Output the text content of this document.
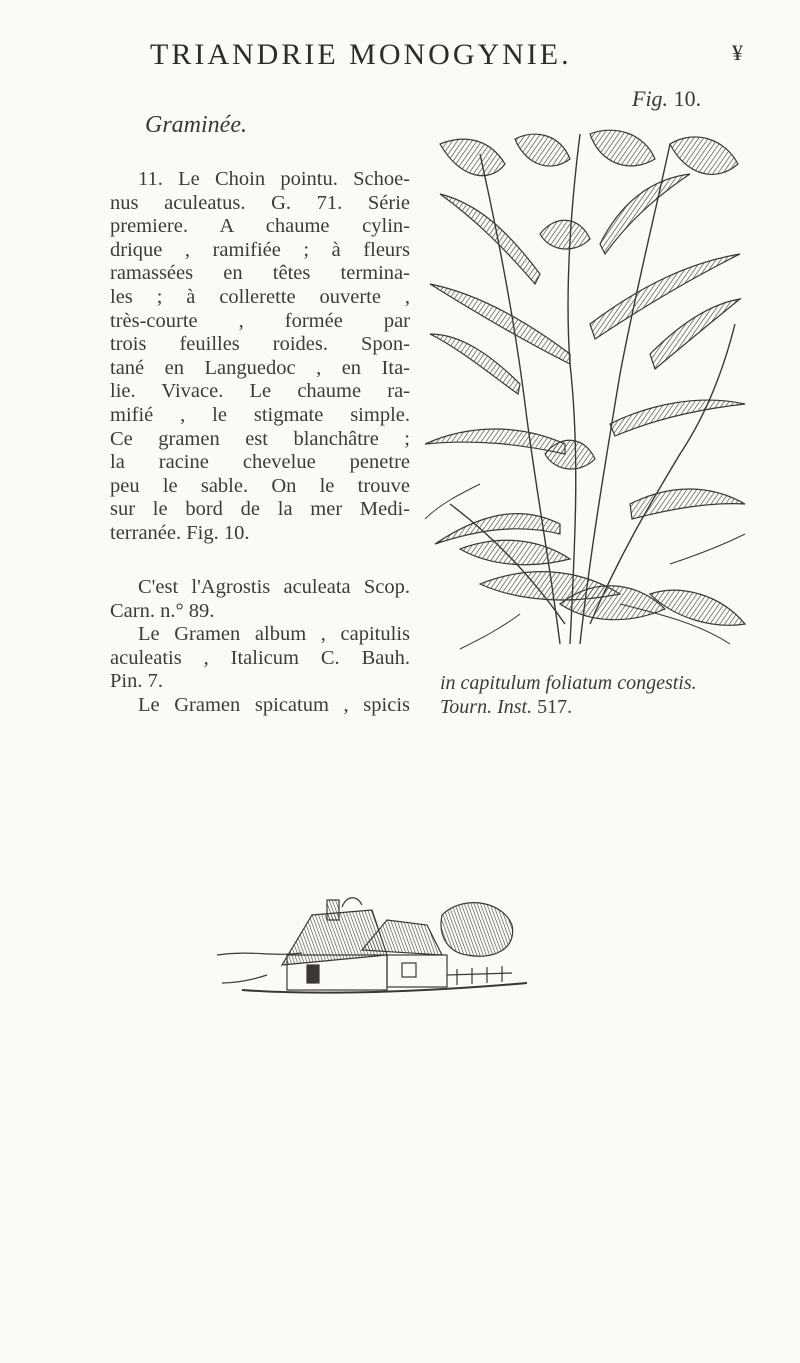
TRIANDRIE MONOGYNIE.	¥
Fig. 10.
Graminée.
11. Le Choin pointu. Schoe-
nus aculeatus. G. 71. Série
premiere. A chaume cylin-
drique , ramifiée ; à fleurs
ramassées en têtes termina-
les ; à collerette ouverte ,
très-courte , formée par
trois feuilles roides. Spon-
tané en Languedoc , en Ita-
lie. Vivace. Le chaume ra-
mifié , le stigmate simple.
Ce gramen est blanchâtre ;
la racine chevelue penetre
peu le sable. On le trouve
sur le bord de la mer Medi-
terranée. Fig. 10.
C'est l'Agrostis aculeata Scop.
Carn. n.° 89.
Le Gramen album , capitulis
aculeatis , Italicum C. Bauh.
Pin. 7.
Le Gramen spicatum , spicis
in capitulum foliatum congestis.
Tourn. Inst. 517.
